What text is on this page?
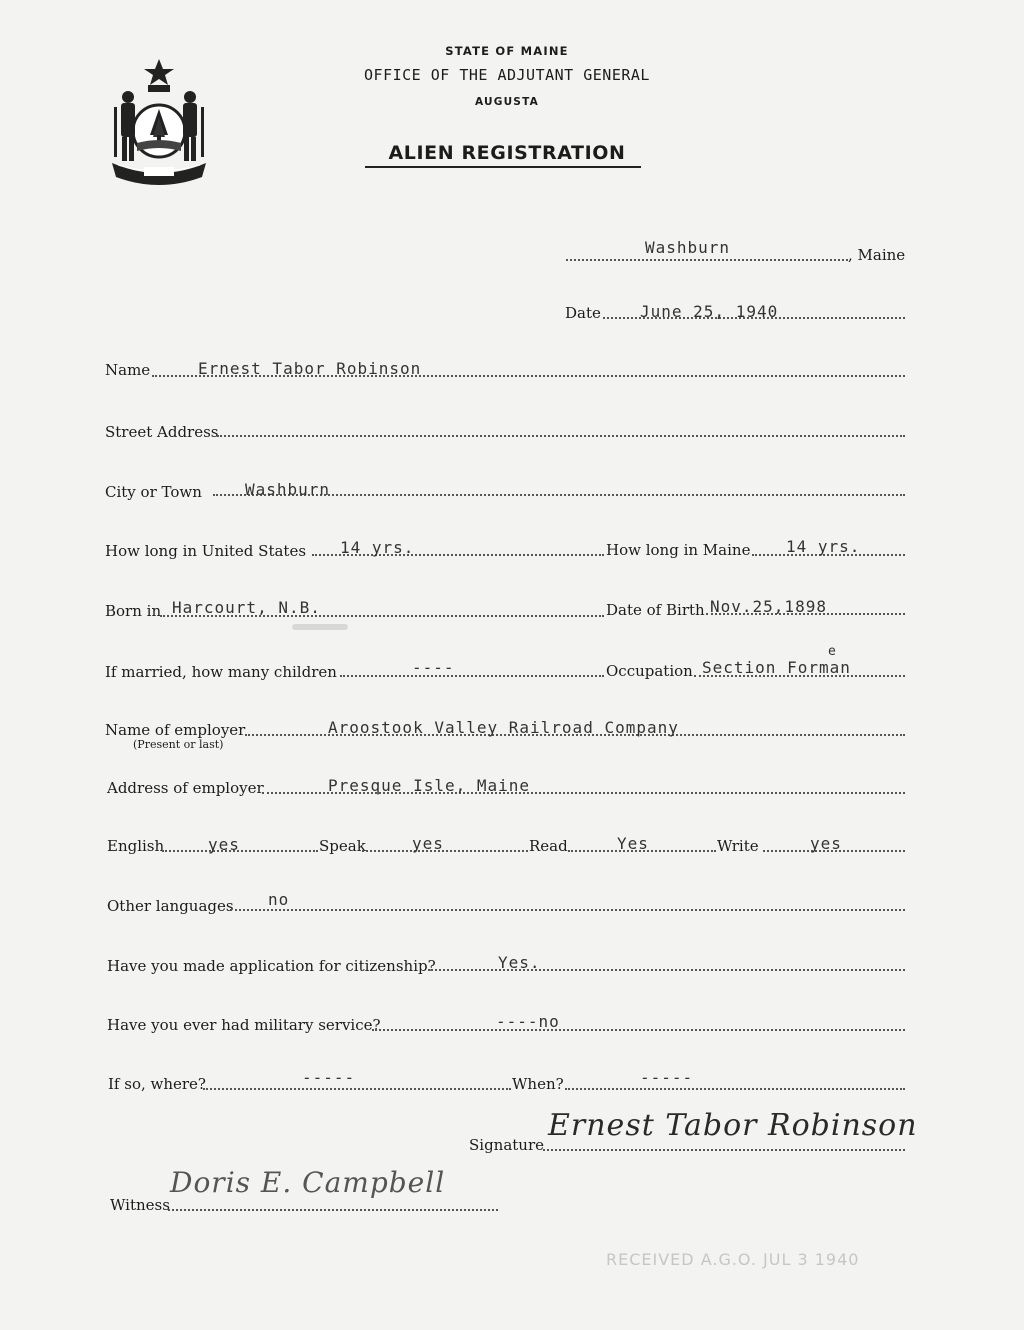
STATE OF MAINE
OFFICE OF THE ADJUTANT GENERAL
AUGUSTA
ALIEN REGISTRATION
Washburn	, Maine
Date June 25, 1940
Name	Ernest Tabor Robinson
Street Address
City or Town	Washburn
How long in United States 14 yrs.	How long in Maine 14 yrs.
Born in Harcourt, N.B.	Date of Birth Nov.25,1898
If married, how many children	----	Occupation Section Forman
e
Name of employer
(Present or last)
Aroostook Valley Railroad Company
Address of employer	Presque Isle, Maine
English	yes	Speak	yes	Read	Yes	Write	yes
Other languages no
Have you made application for citizenship?	Yes.
Have you ever had military service?	----no
If so, where?	-----	When?	-----
Signature
Ernest Tabor Robinson
Witness
Doris E. Campbell
RECEIVED A.G.O. JUL 3 1940
